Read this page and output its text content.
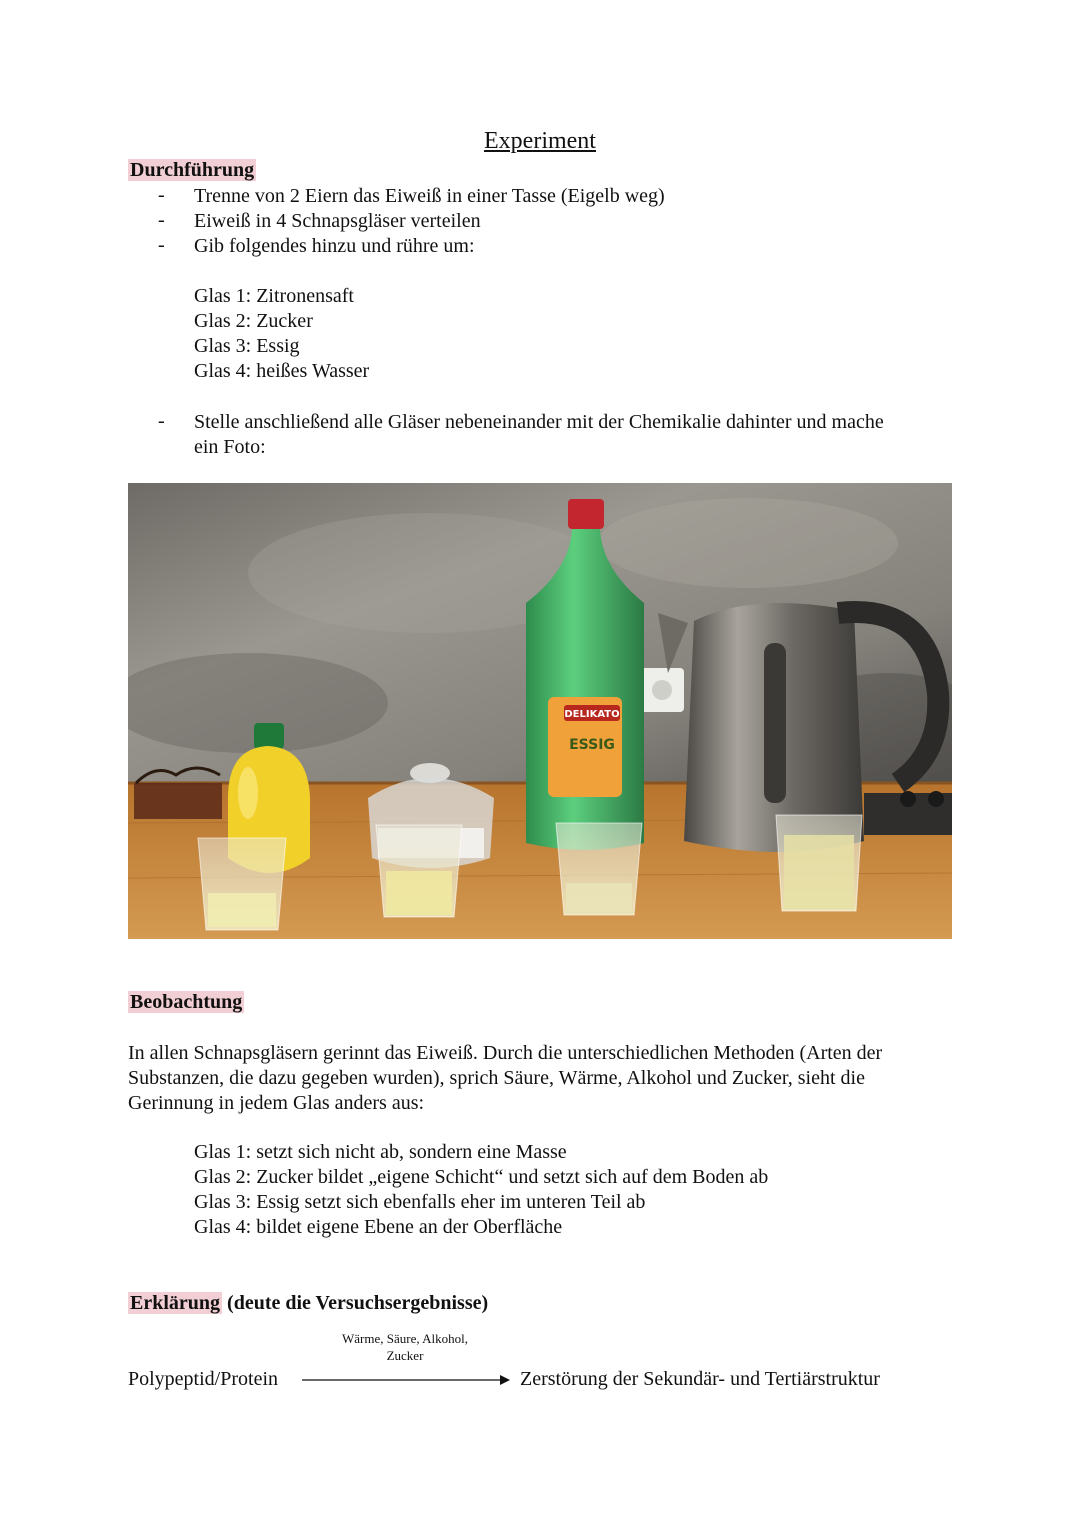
Experiment
Durchführung
- Trenne von 2 Eiern das Eiweiß in einer Tasse (Eigelb weg)
- Eiweiß in 4 Schnapsgläser verteilen
- Gib folgendes hinzu und rühre um:
Glas 1: Zitronensaft
Glas 2: Zucker
Glas 3: Essig
Glas 4: heißes Wasser
- Stelle anschließend alle Gläser nebeneinander mit der Chemikalie dahinter und mache
ein Foto:
DELIKATO
ESSIG
Beobachtung
In allen Schnapsgläsern gerinnt das Eiweiß. Durch die unterschiedlichen Methoden (Arten der
Substanzen, die dazu gegeben wurden), sprich Säure, Wärme, Alkohol und Zucker, sieht die
Gerinnung in jedem Glas anders aus:
Glas 1: setzt sich nicht ab, sondern eine Masse
Glas 2: Zucker bildet „eigene Schicht“ und setzt sich auf dem Boden ab
Glas 3: Essig setzt sich ebenfalls eher im unteren Teil ab
Glas 4: bildet eigene Ebene an der Oberfläche
Erklärung (deute die Versuchsergebnisse)
Wärme, Säure, Alkohol,
Zucker
Polypeptid/Protein	Zerstörung der Sekundär- und Tertiärstruktur
